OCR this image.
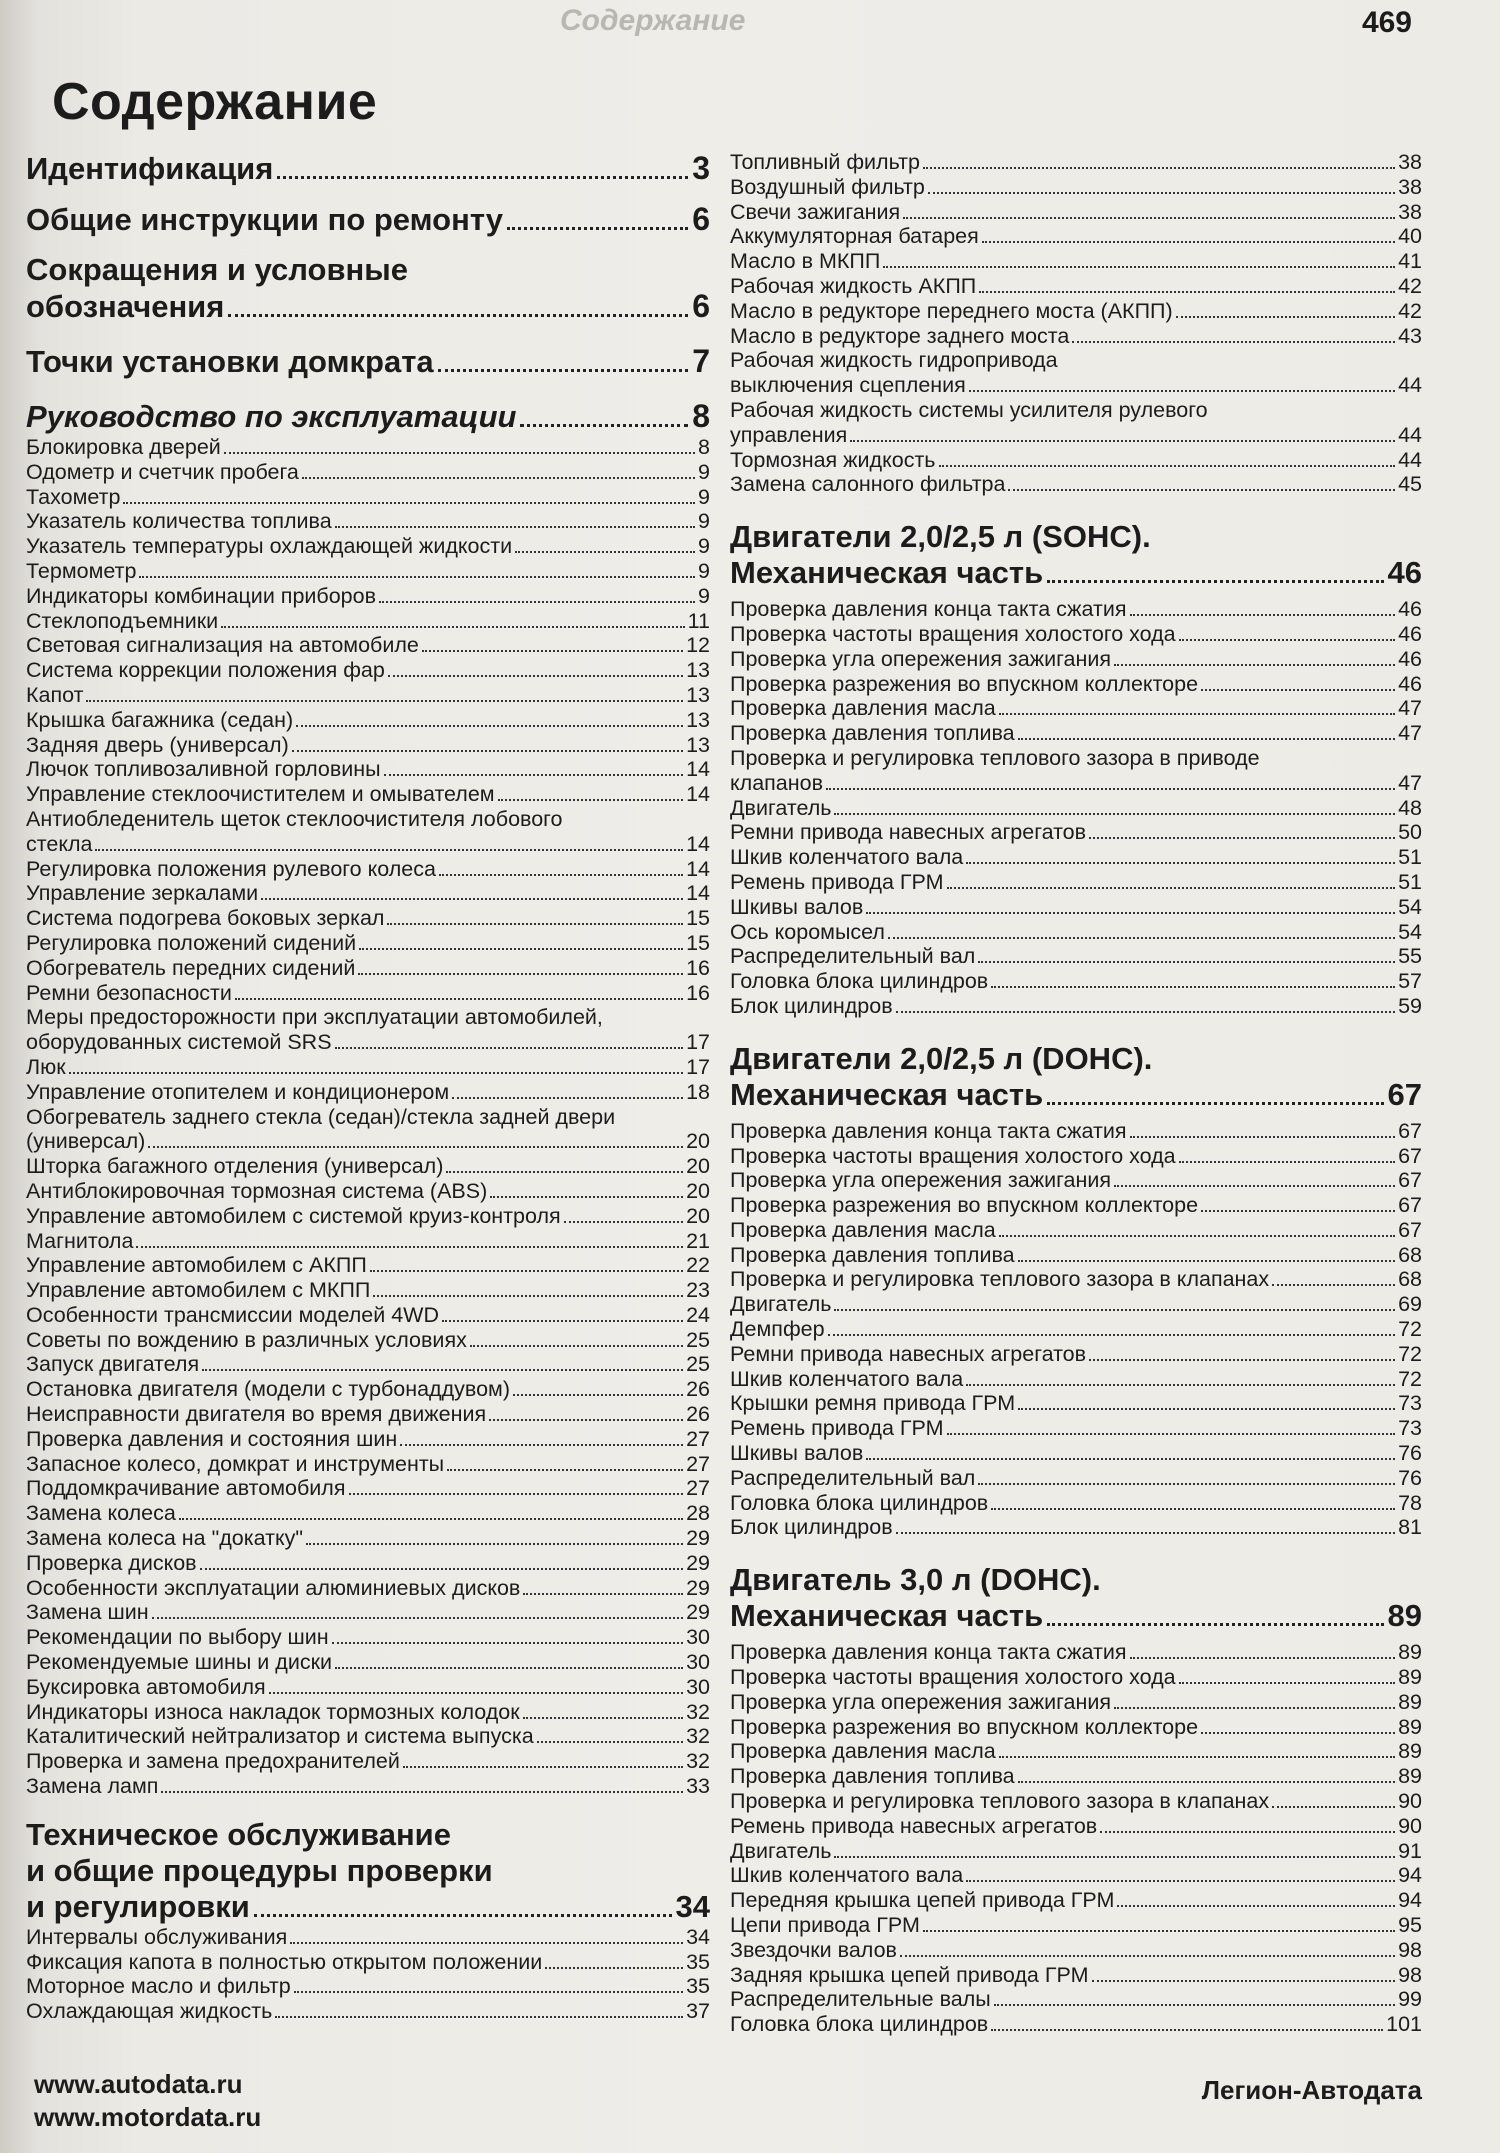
Содержание	469
Содержание
Идентификация	3
Общие инструкции по ремонту	6
Сокращения и условные
обозначения	6
Точки установки домкрата	7
Руководство по эксплуатации	8
Блокировка дверей	8
Одометр и счетчик пробега	9
Тахометр	9
Указатель количества топлива	9
Указатель температуры охлаждающей жидкости	9
Термометр	9
Индикаторы комбинации приборов	9
Стеклоподъемники	11
Световая сигнализация на автомобиле	12
Система коррекции положения фар	13
Капот	13
Крышка багажника (седан)	13
Задняя дверь (универсал)	13
Лючок топливозаливной горловины	14
Управление стеклоочистителем и омывателем	14
Антиобледенитель щеток стеклоочистителя лобового
стекла	14
Регулировка положения рулевого колеса	14
Управление зеркалами	14
Система подогрева боковых зеркал	15
Регулировка положений сидений	15
Обогреватель передних сидений	16
Ремни безопасности	16
Меры предосторожности при эксплуатации автомобилей,
оборудованных системой SRS	17
Люк	17
Управление отопителем и кондиционером	18
Обогреватель заднего стекла (седан)/стекла задней двери
(универсал)	20
Шторка багажного отделения (универсал)	20
Антиблокировочная тормозная система (ABS)	20
Управление автомобилем с системой круиз-контроля	20
Магнитола	21
Управление автомобилем с АКПП	22
Управление автомобилем с МКПП	23
Особенности трансмиссии моделей 4WD	24
Советы по вождению в различных условиях	25
Запуск двигателя	25
Остановка двигателя (модели с турбонаддувом)	26
Неисправности двигателя во время движения	26
Проверка давления и состояния шин	27
Запасное колесо, домкрат и инструменты	27
Поддомкрачивание автомобиля	27
Замена колеса	28
Замена колеса на "докатку"	29
Проверка дисков	29
Особенности эксплуатации алюминиевых дисков	29
Замена шин	29
Рекомендации по выбору шин	30
Рекомендуемые шины и диски	30
Буксировка автомобиля	30
Индикаторы износа накладок тормозных колодок	32
Каталитический нейтрализатор и система выпуска	32
Проверка и замена предохранителей	32
Замена ламп	33
Техническое обслуживание
и общие процедуры проверки
и регулировки	34
Интервалы обслуживания	34
Фиксация капота в полностью открытом положении	35
Моторное масло и фильтр	35
Охлаждающая жидкость	37
Топливный фильтр	38
Воздушный фильтр	38
Свечи зажигания	38
Аккумуляторная батарея	40
Масло в МКПП	41
Рабочая жидкость АКПП	42
Масло в редукторе переднего моста (АКПП)	42
Масло в редукторе заднего моста	43
Рабочая жидкость гидропривода
выключения сцепления	44
Рабочая жидкость системы усилителя рулевого
управления	44
Тормозная жидкость	44
Замена салонного фильтра	45
Двигатели 2,0/2,5 л (SOHC).
Механическая часть	46
Проверка давления конца такта сжатия	46
Проверка частоты вращения холостого хода	46
Проверка угла опережения зажигания	46
Проверка разрежения во впускном коллекторе	46
Проверка давления масла	47
Проверка давления топлива	47
Проверка и регулировка теплового зазора в приводе
клапанов	47
Двигатель	48
Ремни привода навесных агрегатов	50
Шкив коленчатого вала	51
Ремень привода ГРМ	51
Шкивы валов	54
Ось коромысел	54
Распределительный вал	55
Головка блока цилиндров	57
Блок цилиндров	59
Двигатели 2,0/2,5 л (DOHC).
Механическая часть	67
Проверка давления конца такта сжатия	67
Проверка частоты вращения холостого хода	67
Проверка угла опережения зажигания	67
Проверка разрежения во впускном коллекторе	67
Проверка давления масла	67
Проверка давления топлива	68
Проверка и регулировка теплового зазора в клапанах	68
Двигатель	69
Демпфер	72
Ремни привода навесных агрегатов	72
Шкив коленчатого вала	72
Крышки ремня привода ГРМ	73
Ремень привода ГРМ	73
Шкивы валов	76
Распределительный вал	76
Головка блока цилиндров	78
Блок цилиндров	81
Двигатель 3,0 л (DOHC).
Механическая часть	89
Проверка давления конца такта сжатия	89
Проверка частоты вращения холостого хода	89
Проверка угла опережения зажигания	89
Проверка разрежения во впускном коллекторе	89
Проверка давления масла	89
Проверка давления топлива	89
Проверка и регулировка теплового зазора в клапанах	90
Ремень привода навесных агрегатов	90
Двигатель	91
Шкив коленчатого вала	94
Передняя крышка цепей привода ГРМ	94
Цепи привода ГРМ	95
Звездочки валов	98
Задняя крышка цепей привода ГРМ	98
Распределительные валы	99
Головка блока цилиндров	101
www.autodata.ru
www.motordata.ru
Легион-Автодата
